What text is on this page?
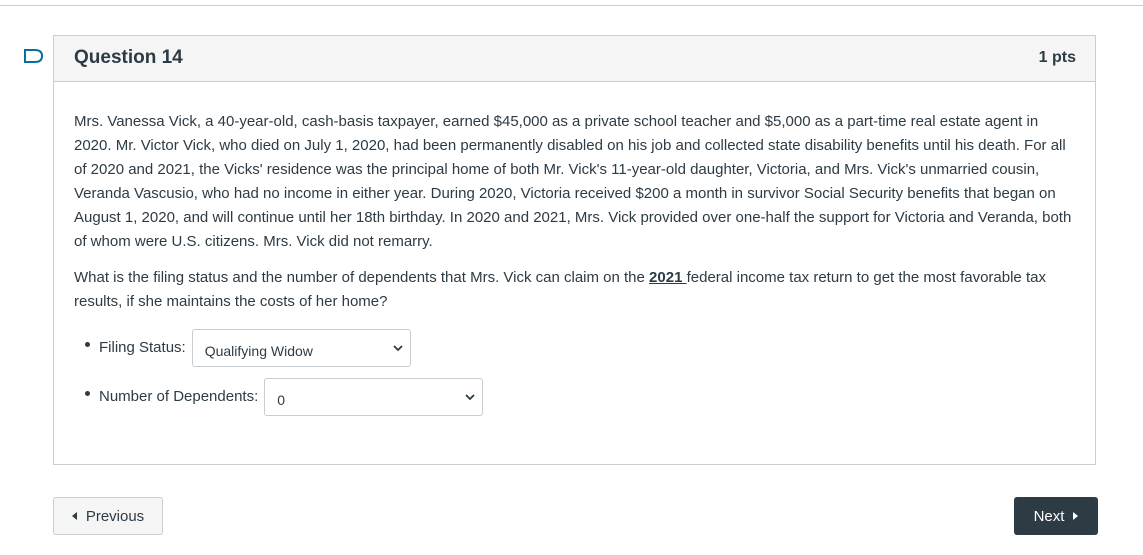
Question 14	1 pts

Mrs. Vanessa Vick, a 40-year-old, cash-basis taxpayer, earned $45,000 as a private school teacher and $5,000 as a part-time real estate agent in 2020. Mr. Victor Vick, who died on July 1, 2020, had been permanently disabled on his job and collected state disability benefits until his death. For all of 2020 and 2021, the Vicks' residence was the principal home of both Mr. Vick's 11-year-old daughter, Victoria, and Mrs. Vick's unmarried cousin, Veranda Vascusio, who had no income in either year. During 2020, Victoria received $200 a month in survivor Social Security benefits that began on August 1, 2020, and will continue until her 18th birthday. In 2020 and 2021, Mrs. Vick provided over one-half the support for Victoria and Veranda, both of whom were U.S. citizens. Mrs. Vick did not remarry.

What is the filing status and the number of dependents that Mrs. Vick can claim on the 2021 federal income tax return to get the most favorable tax results, if she maintains the costs of her home?

Filing Status: Qualifying Widow
Number of Dependents: 0
Previous	Next
